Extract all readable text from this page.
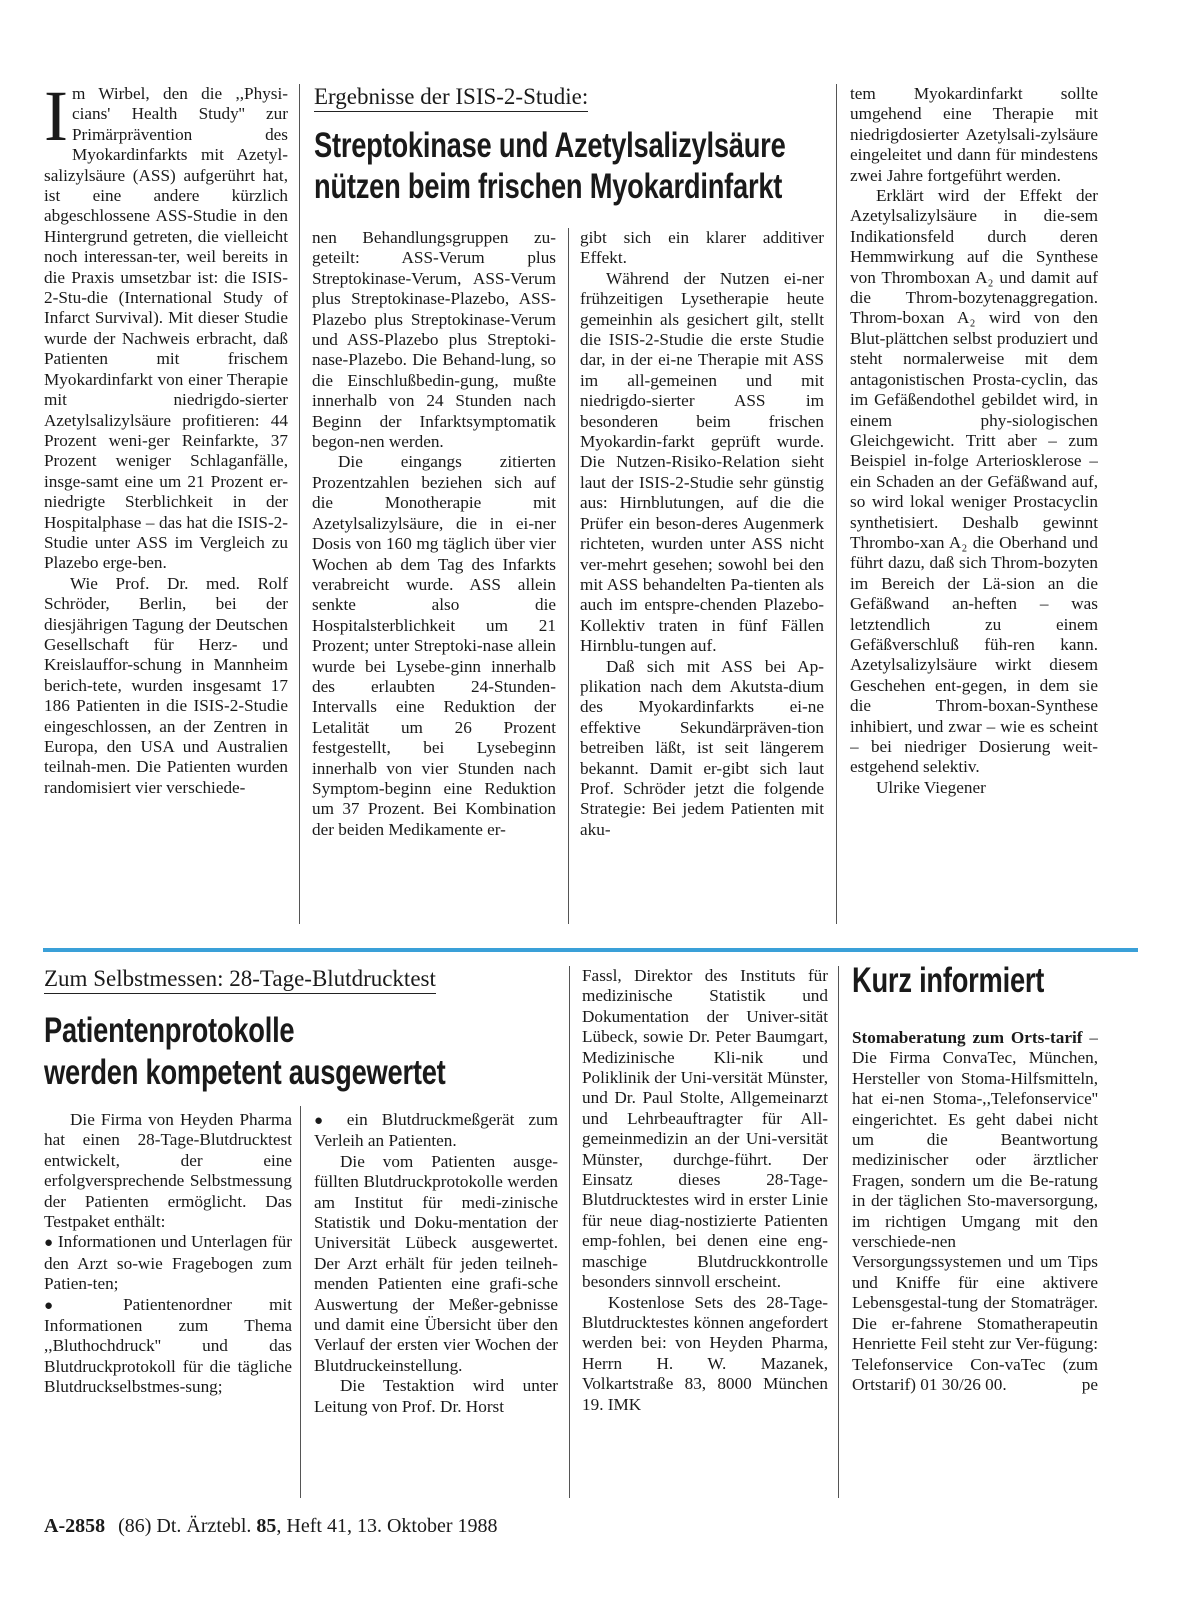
Im Wirbel, den die ,,Physi-cians' Health Study'' zur Primärprävention des Myokardinfarkts mit Azetyl-salizylsäure (ASS) aufgerührt hat, ist eine andere kürzlich abgeschlossene ASS-Studie in den Hintergrund getreten, die vielleicht noch interessan-ter, weil bereits in die Praxis umsetzbar ist: die ISIS-2-Stu-die (International Study of Infarct Survival). Mit dieser Studie wurde der Nachweis erbracht, daß Patienten mit frischem Myokardinfarkt von einer Therapie mit niedrigdo-sierter Azetylsalizylsäure profitieren: 44 Prozent weni-ger Reinfarkte, 37 Prozent weniger Schlaganfälle, insge-samt eine um 21 Prozent er-niedrigte Sterblichkeit in der Hospitalphase – das hat die ISIS-2-Studie unter ASS im Vergleich zu Plazebo erge-ben.

Wie Prof. Dr. med. Rolf Schröder, Berlin, bei der diesjährigen Tagung der Deutschen Gesellschaft für Herz- und Kreislauffor-schung in Mannheim berich-tete, wurden insgesamt 17 186 Patienten in die ISIS-2-Studie eingeschlossen, an der Zentren in Europa, den USA und Australien teilnah-men. Die Patienten wurden randomisiert vier verschiede-

Ergebnisse der ISIS-2-Studie:
Streptokinase und Azetylsalizylsäure
nützen beim frischen Myokardinfarkt

nen Behandlungsgruppen zu-geteilt: ASS-Verum plus Streptokinase-Verum, ASS-Verum plus Streptokinase-Plazebo, ASS-Plazebo plus Streptokinase-Verum und ASS-Plazebo plus Streptoki-nase-Plazebo. Die Behand-lung, so die Einschlußbedin-gung, mußte innerhalb von 24 Stunden nach Beginn der Infarktsymptomatik begon-nen werden.

Die eingangs zitierten Prozentzahlen beziehen sich auf die Monotherapie mit Azetylsalizylsäure, die in ei-ner Dosis von 160 mg täglich über vier Wochen ab dem Tag des Infarkts verabreicht wurde. ASS allein senkte also die Hospitalsterblichkeit um 21 Prozent; unter Streptoki-nase allein wurde bei Lysebe-ginn innerhalb des erlaubten 24-Stunden-Intervalls eine Reduktion der Letalität um 26 Prozent festgestellt, bei Lysebeginn innerhalb von vier Stunden nach Symptom-beginn eine Reduktion um 37 Prozent. Bei Kombination der beiden Medikamente er-

gibt sich ein klarer additiver Effekt.

Während der Nutzen ei-ner frühzeitigen Lysetherapie heute gemeinhin als gesichert gilt, stellt die ISIS-2-Studie die erste Studie dar, in der ei-ne Therapie mit ASS im all-gemeinen und mit niedrigdo-sierter ASS im besonderen beim frischen Myokardin-farkt geprüft wurde. Die Nutzen-Risiko-Relation sieht laut der ISIS-2-Studie sehr günstig aus: Hirnblutungen, auf die die Prüfer ein beson-deres Augenmerk richteten, wurden unter ASS nicht ver-mehrt gesehen; sowohl bei den mit ASS behandelten Pa-tienten als auch im entspre-chenden Plazebo-Kollektiv traten in fünf Fällen Hirnblu-tungen auf.

Daß sich mit ASS bei Ap-plikation nach dem Akutsta-dium des Myokardinfarkts ei-ne effektive Sekundärpräven-tion betreiben läßt, ist seit längerem bekannt. Damit er-gibt sich laut Prof. Schröder jetzt die folgende Strategie: Bei jedem Patienten mit aku-

tem Myokardinfarkt sollte umgehend eine Therapie mit niedrigdosierter Azetylsali-zylsäure eingeleitet und dann für mindestens zwei Jahre fortgeführt werden.

Erklärt wird der Effekt der Azetylsalizylsäure in die-sem Indikationsfeld durch deren Hemmwirkung auf die Synthese von Thromboxan A₂ und damit auf die Throm-bozytenaggregation. Throm-boxan A₂ wird von den Blut-plättchen selbst produziert und steht normalerweise mit dem antagonistischen Prosta-cyclin, das im Gefäßendothel gebildet wird, in einem phy-siologischen Gleichgewicht. Tritt aber – zum Beispiel in-folge Arteriosklerose – ein Schaden an der Gefäßwand auf, so wird lokal weniger Prostacyclin synthetisiert. Deshalb gewinnt Thrombo-xan A₂ die Oberhand und führt dazu, daß sich Throm-bozyten im Bereich der Lä-sion an die Gefäßwand an-heften – was letztendlich zu einem Gefäßverschluß füh-ren kann. Azetylsalizylsäure wirkt diesem Geschehen ent-gegen, in dem sie die Throm-boxan-Synthese inhibiert, und zwar – wie es scheint – bei niedriger Dosierung weit-estgehend selektiv.

Ulrike Viegener

Zum Selbstmessen: 28-Tage-Blutdrucktest
Patientenprotokolle
werden kompetent ausgewertet

Die Firma von Heyden Pharma hat einen 28-Tage-Blutdrucktest entwickelt, der eine erfolgversprechende Selbstmessung der Patienten ermöglicht. Das Testpaket enthält:

● Informationen und Unterlagen für den Arzt so-wie Fragebogen zum Patien-ten;

● Patientenordner mit Informationen zum Thema ,,Bluthochdruck'' und das Blutdruckprotokoll für die tägliche Blutdruckselbstmes-sung;

● ein Blutdruckmeßgerät zum Verleih an Patienten.

Die vom Patienten ausge-füllten Blutdruckprotokolle werden am Institut für medi-zinische Statistik und Doku-mentation der Universität Lübeck ausgewertet. Der Arzt erhält für jeden teilneh-menden Patienten eine grafi-sche Auswertung der Meßer-gebnisse und damit eine Übersicht über den Verlauf der ersten vier Wochen der Blutdruckeinstellung.

Die Testaktion wird unter Leitung von Prof. Dr. Horst

Fassl, Direktor des Instituts für medizinische Statistik und Dokumentation der Univer-sität Lübeck, sowie Dr. Peter Baumgart, Medizinische Kli-nik und Poliklinik der Uni-versität Münster, und Dr. Paul Stolte, Allgemeinarzt und Lehrbeauftragter für All-gemeinmedizin an der Uni-versität Münster, durchge-führt. Der Einsatz dieses 28-Tage-Blutdrucktestes wird in erster Linie für neue diag-nostizierte Patienten emp-fohlen, bei denen eine eng-maschige Blutdruckkontrolle besonders sinnvoll erscheint.

Kostenlose Sets des 28-Tage-Blutdrucktestes können angefordert werden bei: von Heyden Pharma, Herrn H. W. Mazanek, Volkartstraße 83, 8000 München 19. IMK

Kurz informiert

Stomaberatung zum Orts-tarif – Die Firma ConvaTec, München, Hersteller von Stoma-Hilfsmitteln, hat ei-nen Stoma-,,Telefonservice'' eingerichtet. Es geht dabei nicht um die Beantwortung medizinischer oder ärztlicher Fragen, sondern um die Be-ratung in der täglichen Sto-maversorgung, im richtigen Umgang mit den verschiede-nen Versorgungssystemen und um Tips und Kniffe für eine aktivere Lebensgestal-tung der Stomaträger. Die er-fahrene Stomatherapeutin Henriette Feil steht zur Ver-fügung: Telefonservice Con-vaTec (zum Ortstarif) 01 30/26 00.	pe

A-2858 (86) Dt. Ärztebl. 85, Heft 41, 13. Oktober 1988
